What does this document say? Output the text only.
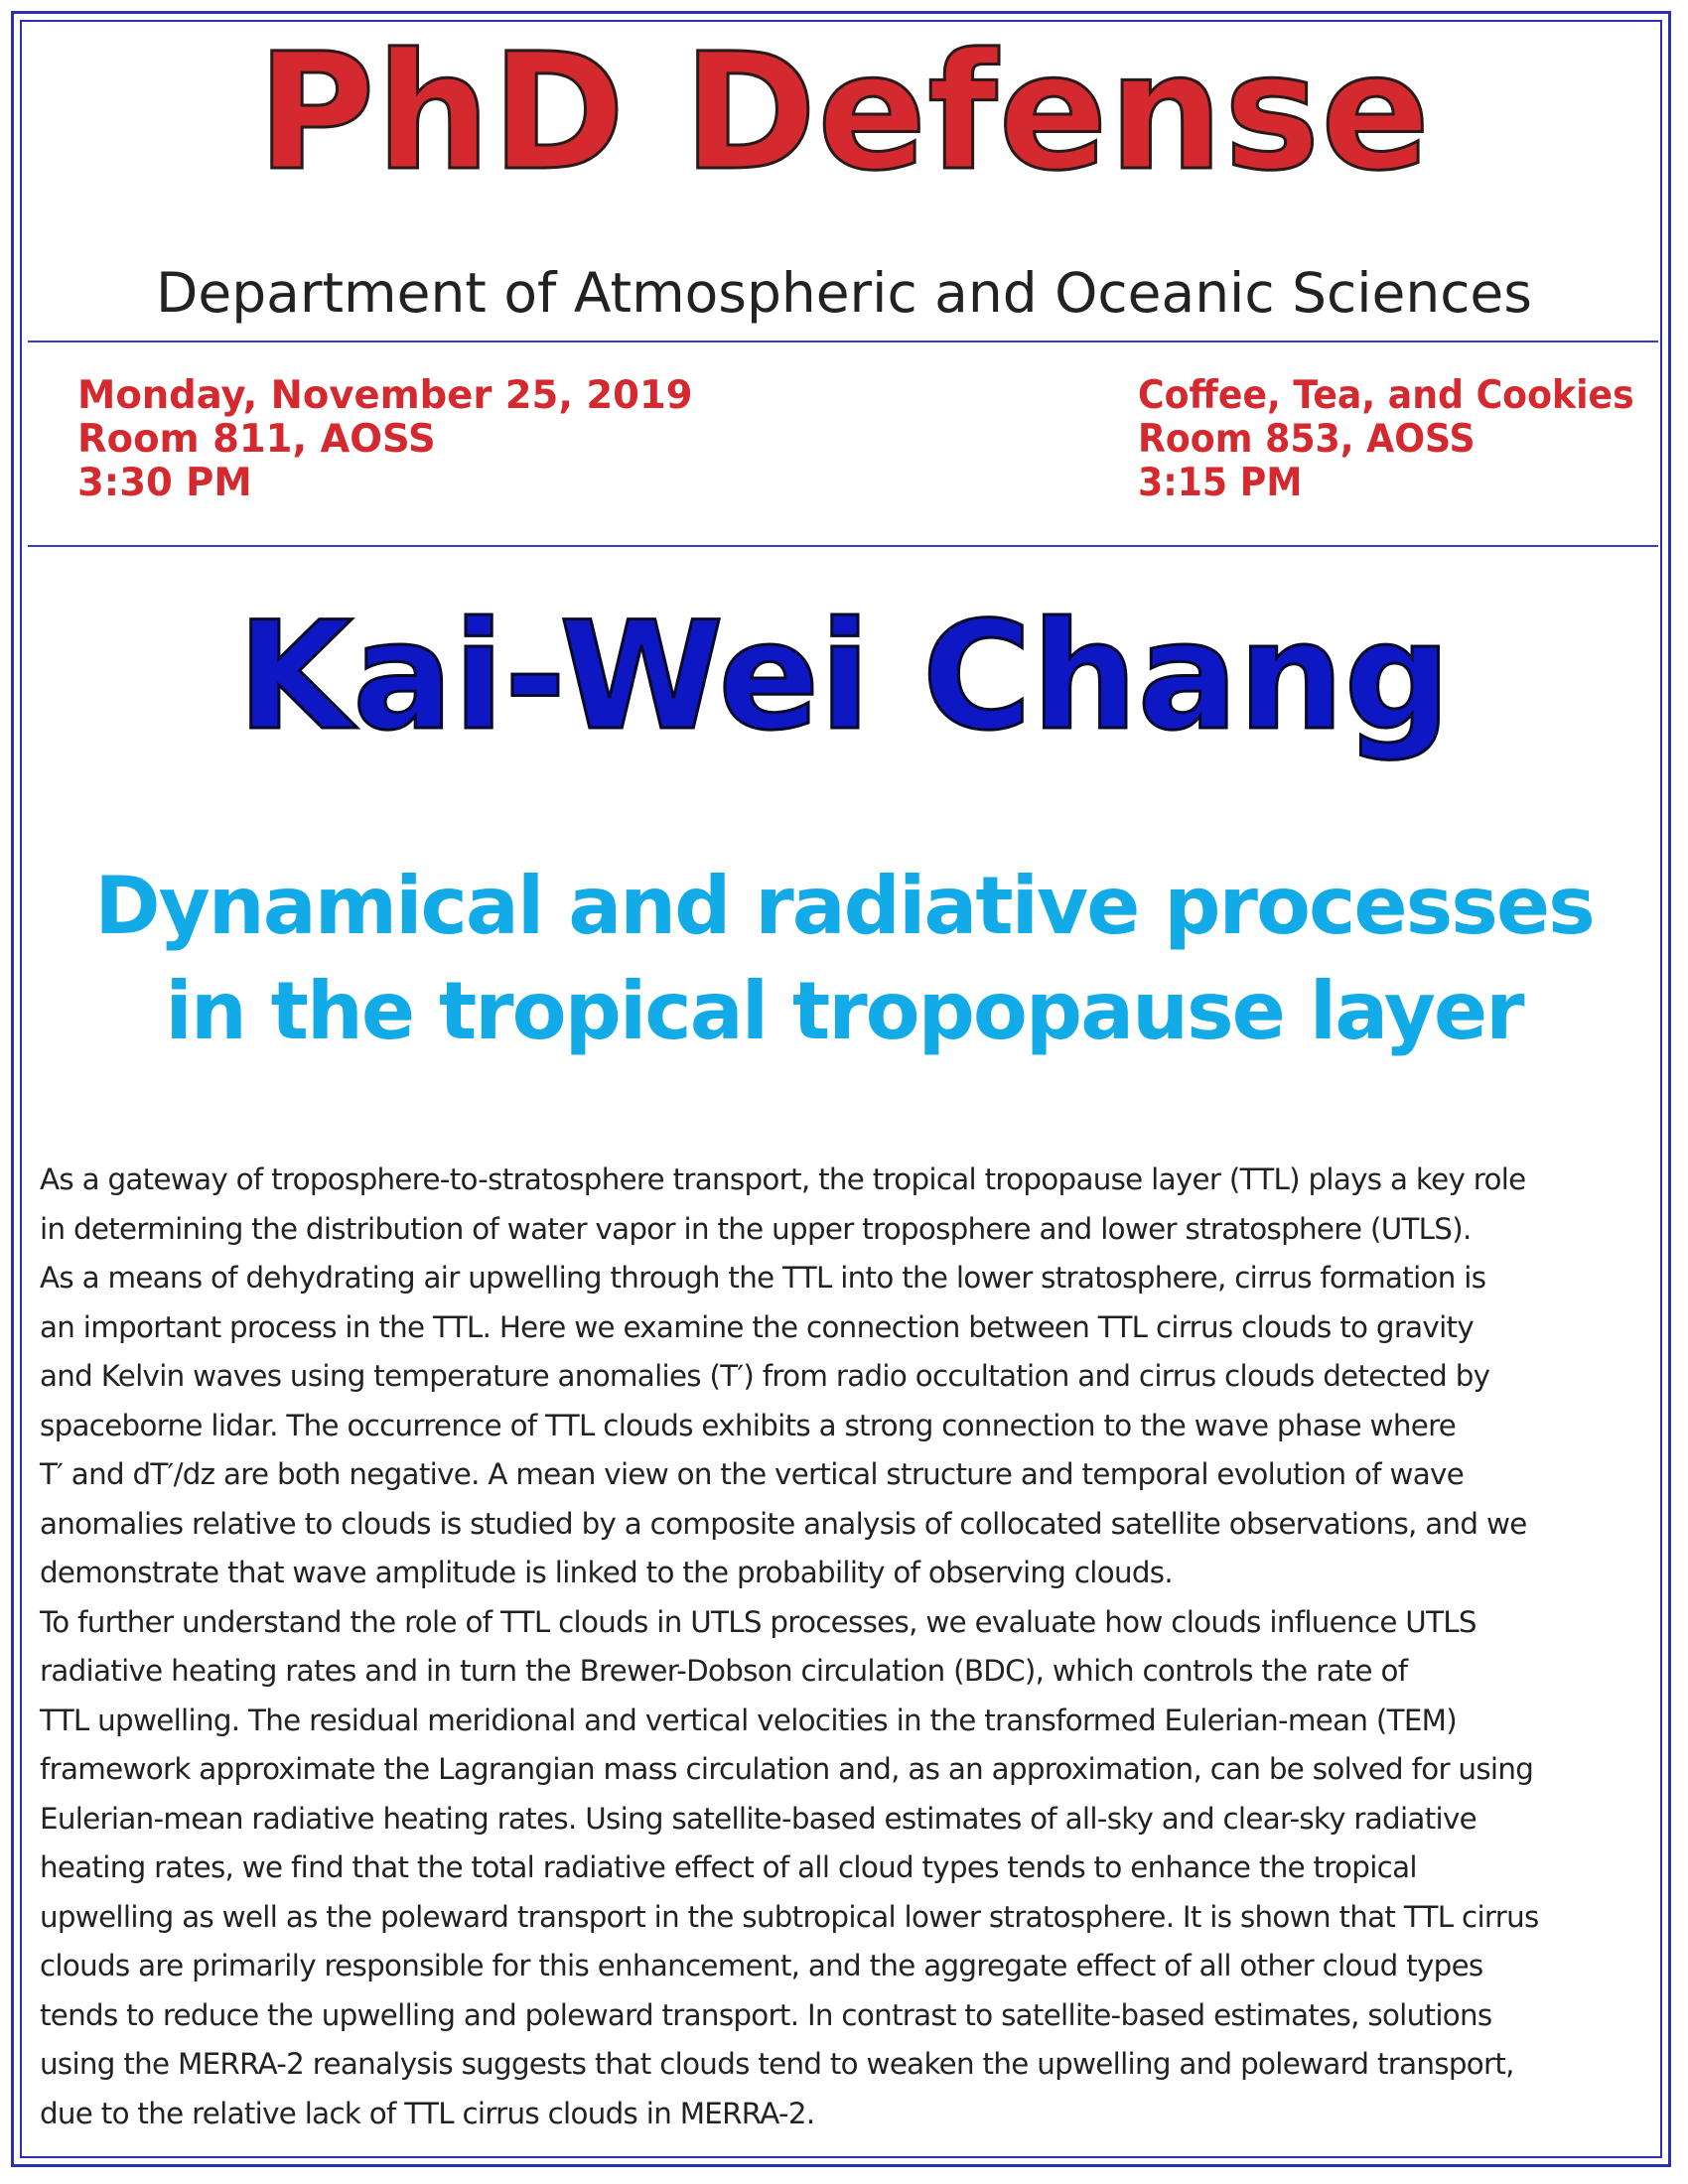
PhD Defense
Department of Atmospheric and Oceanic Sciences
Monday, November 25, 2019
Room 811, AOSS
3:30 PM
Coffee, Tea, and Cookies
Room 853, AOSS
3:15 PM
Kai-Wei Chang
Dynamical and radiative processes
in the tropical tropopause layer
As a gateway of troposphere-to-stratosphere transport, the tropical tropopause layer (TTL) plays a key role
in determining the distribution of water vapor in the upper troposphere and lower stratosphere (UTLS).
As a means of dehydrating air upwelling through the TTL into the lower stratosphere, cirrus formation is
an important process in the TTL. Here we examine the connection between TTL cirrus clouds to gravity
and Kelvin waves using temperature anomalies (T′) from radio occultation and cirrus clouds detected by
spaceborne lidar. The occurrence of TTL clouds exhibits a strong connection to the wave phase where
T′ and dT′/dz are both negative. A mean view on the vertical structure and temporal evolution of wave
anomalies relative to clouds is studied by a composite analysis of collocated satellite observations, and we
demonstrate that wave amplitude is linked to the probability of observing clouds.
To further understand the role of TTL clouds in UTLS processes, we evaluate how clouds influence UTLS
radiative heating rates and in turn the Brewer-Dobson circulation (BDC), which controls the rate of
TTL upwelling. The residual meridional and vertical velocities in the transformed Eulerian-mean (TEM)
framework approximate the Lagrangian mass circulation and, as an approximation, can be solved for using
Eulerian-mean radiative heating rates. Using satellite-based estimates of all-sky and clear-sky radiative
heating rates, we find that the total radiative effect of all cloud types tends to enhance the tropical
upwelling as well as the poleward transport in the subtropical lower stratosphere. It is shown that TTL cirrus
clouds are primarily responsible for this enhancement, and the aggregate effect of all other cloud types
tends to reduce the upwelling and poleward transport. In contrast to satellite-based estimates, solutions
using the MERRA-2 reanalysis suggests that clouds tend to weaken the upwelling and poleward transport,
due to the relative lack of TTL cirrus clouds in MERRA-2.
